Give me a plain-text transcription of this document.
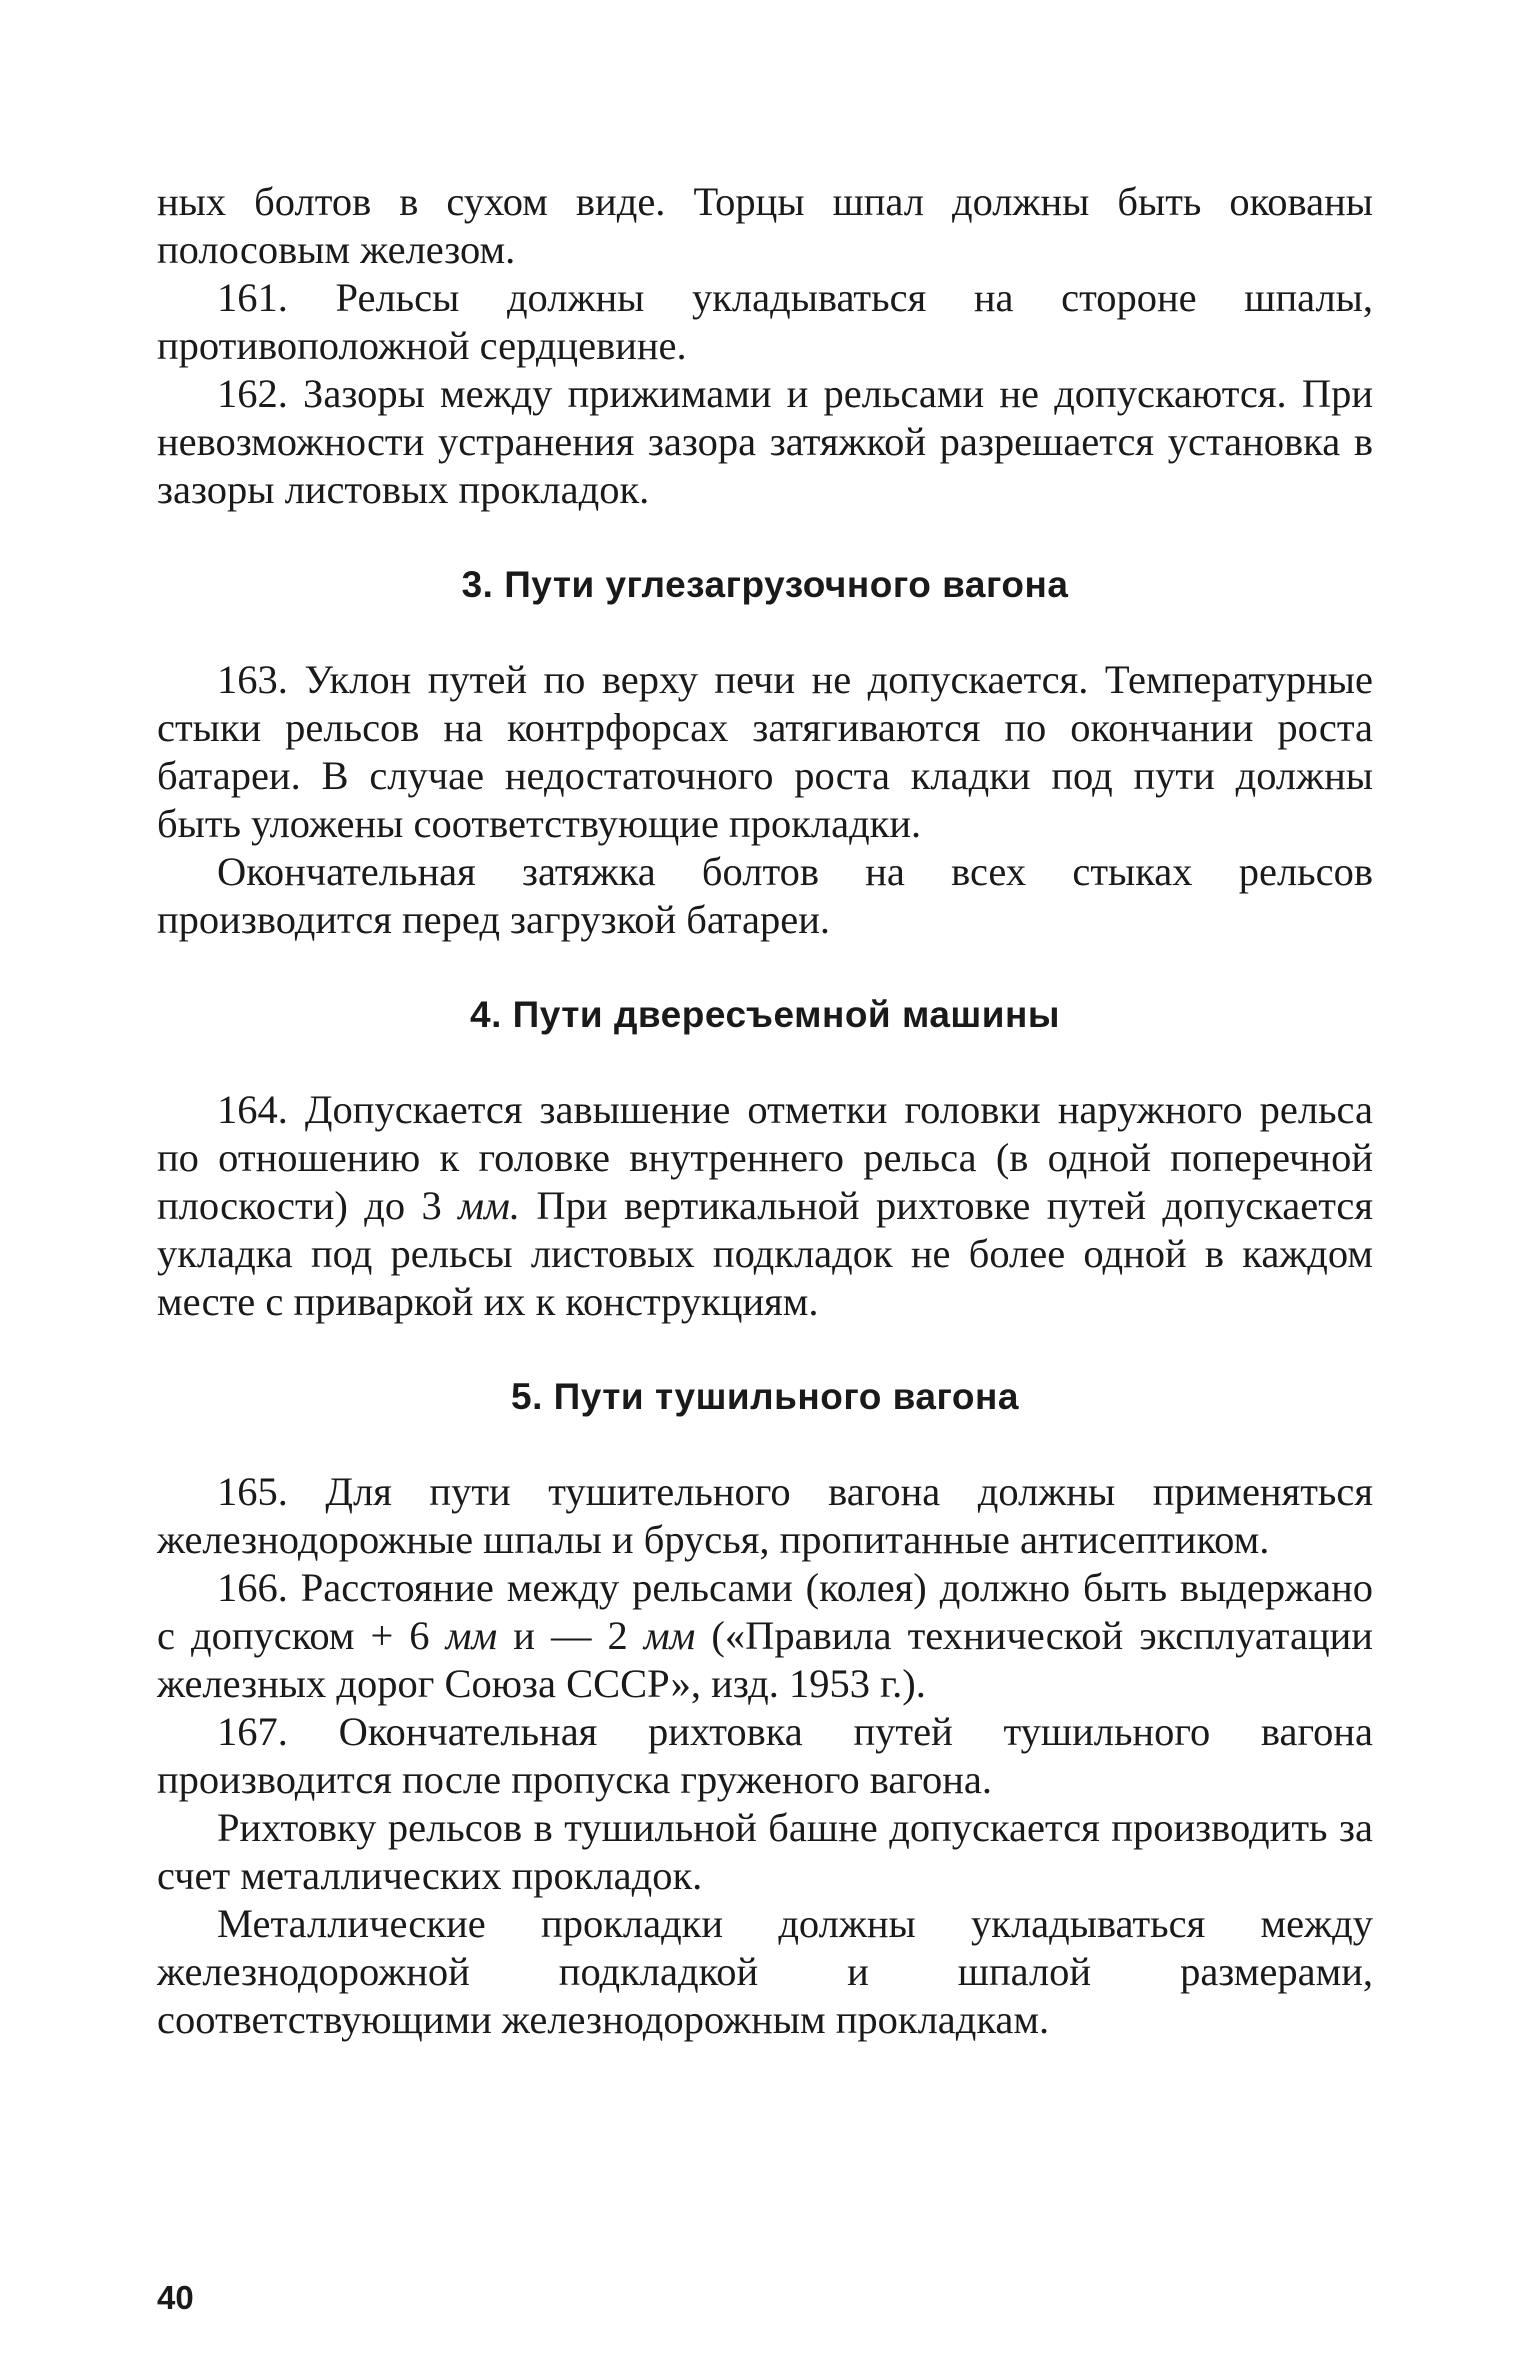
ных болтов в сухом виде. Торцы шпал должны быть окованы полосовым железом.

161. Рельсы должны укладываться на стороне шпалы, противоположной сердцевине.

162. Зазоры между прижимами и рельсами не допускаются. При невозможности устранения зазора затяжкой разрешается установка в зазоры листовых прокладок.

3. Пути углезагрузочного вагона

163. Уклон путей по верху печи не допускается. Температурные стыки рельсов на контрфорсах затягиваются по окончании роста батареи. В случае недостаточного роста кладки под пути должны быть уложены соответствующие прокладки.

Окончательная затяжка болтов на всех стыках рельсов производится перед загрузкой батареи.

4. Пути двересъемной машины

164. Допускается завышение отметки головки наружного рельса по отношению к головке внутреннего рельса (в одной поперечной плоскости) до 3 мм. При вертикальной рихтовке путей допускается укладка под рельсы листовых подкладок не более одной в каждом месте с приваркой их к конструкциям.

5. Пути тушильного вагона

165. Для пути тушительного вагона должны применяться железнодорожные шпалы и брусья, пропитанные антисептиком.

166. Расстояние между рельсами (колея) должно быть выдержано с допуском + 6 мм и — 2 мм («Правила технической эксплуатации железных дорог Союза СССР», изд. 1953 г.).

167. Окончательная рихтовка путей тушильного вагона производится после пропуска груженого вагона.

Рихтовку рельсов в тушильной башне допускается производить за счет металлических прокладок.

Металлические прокладки должны укладываться между железнодорожной подкладкой и шпалой размерами, соответствующими железнодорожным прокладкам.

40
